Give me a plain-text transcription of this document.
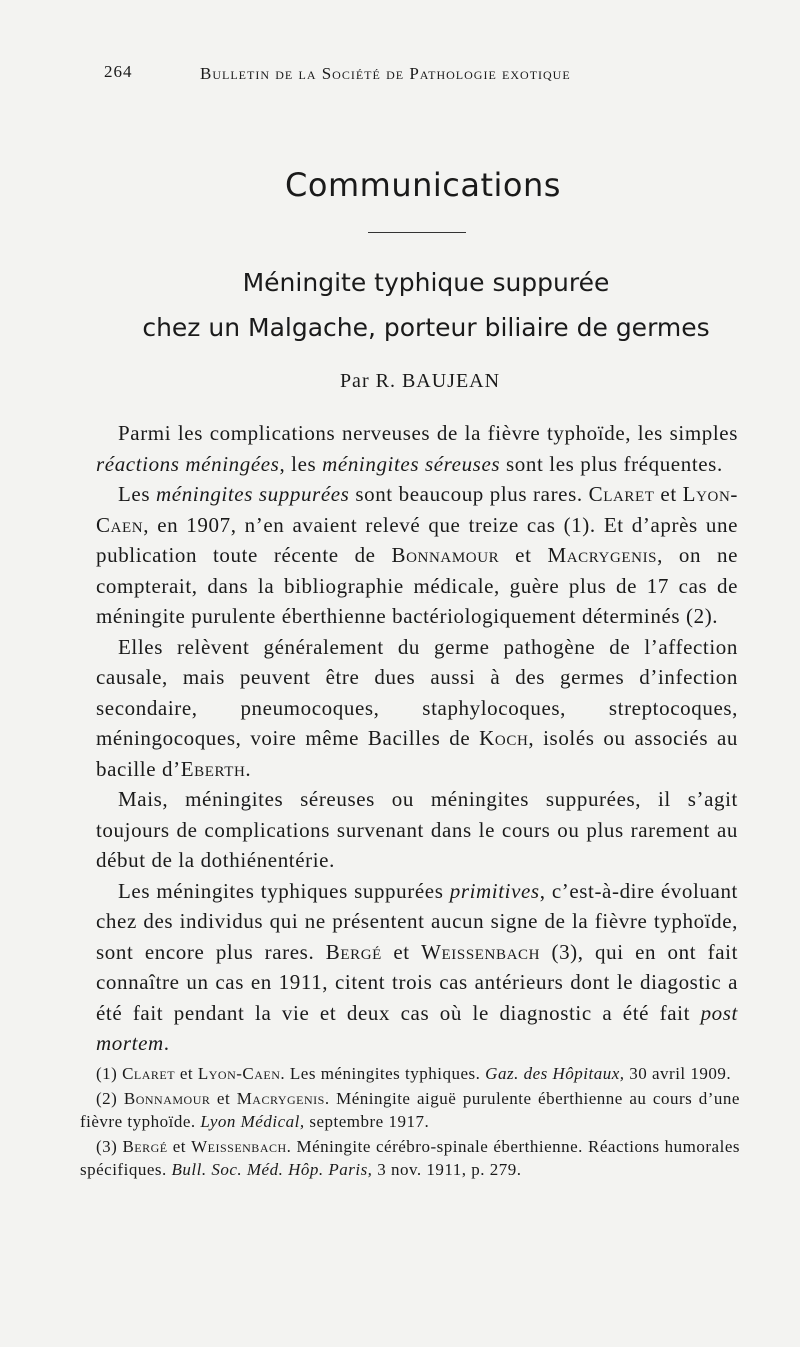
264	Bulletin de la Société de Pathologie exotique
Communications
Méningite typhique suppurée
chez un Malgache, porteur biliaire de germes
Par R. BAUJEAN

Parmi les complications nerveuses de la fièvre typhoïde, les simples réactions méningées, les méningites séreuses sont les plus fréquentes.

Les méningites suppurées sont beaucoup plus rares. Claret et Lyon-Caen, en 1907, n’en avaient relevé que treize cas (1). Et d’après une publication toute récente de Bonnamour et Macrygenis, on ne compterait, dans la bibliographie médicale, guère plus de 17 cas de méningite purulente éberthienne bactériologiquement déterminés (2).

Elles relèvent généralement du germe pathogène de l’affection causale, mais peuvent être dues aussi à des germes d’infection secondaire, pneumocoques, staphylocoques, streptocoques, méningocoques, voire même Bacilles de Koch, isolés ou associés au bacille d’Eberth.

Mais, méningites séreuses ou méningites suppurées, il s’agit toujours de complications survenant dans le cours ou plus rarement au début de la dothiénentérie.

Les méningites typhiques suppurées primitives, c’est-à-dire évoluant chez des individus qui ne présentent aucun signe de la fièvre typhoïde, sont encore plus rares. Bergé et Weissenbach (3), qui en ont fait connaître un cas en 1911, citent trois cas antérieurs dont le diagostic a été fait pendant la vie et deux cas où le diagnostic a été fait post mortem.

(1) Claret et Lyon-Caen. Les méningites typhiques. Gaz. des Hôpitaux, 30 avril 1909.

(2) Bonnamour et Macrygenis. Méningite aiguë purulente éberthienne au cours d’une fièvre typhoïde. Lyon Médical, septembre 1917.

(3) Bergé et Weissenbach. Méningite cérébro-spinale éberthienne. Réactions humorales spécifiques. Bull. Soc. Méd. Hôp. Paris, 3 nov. 1911, p. 279.
